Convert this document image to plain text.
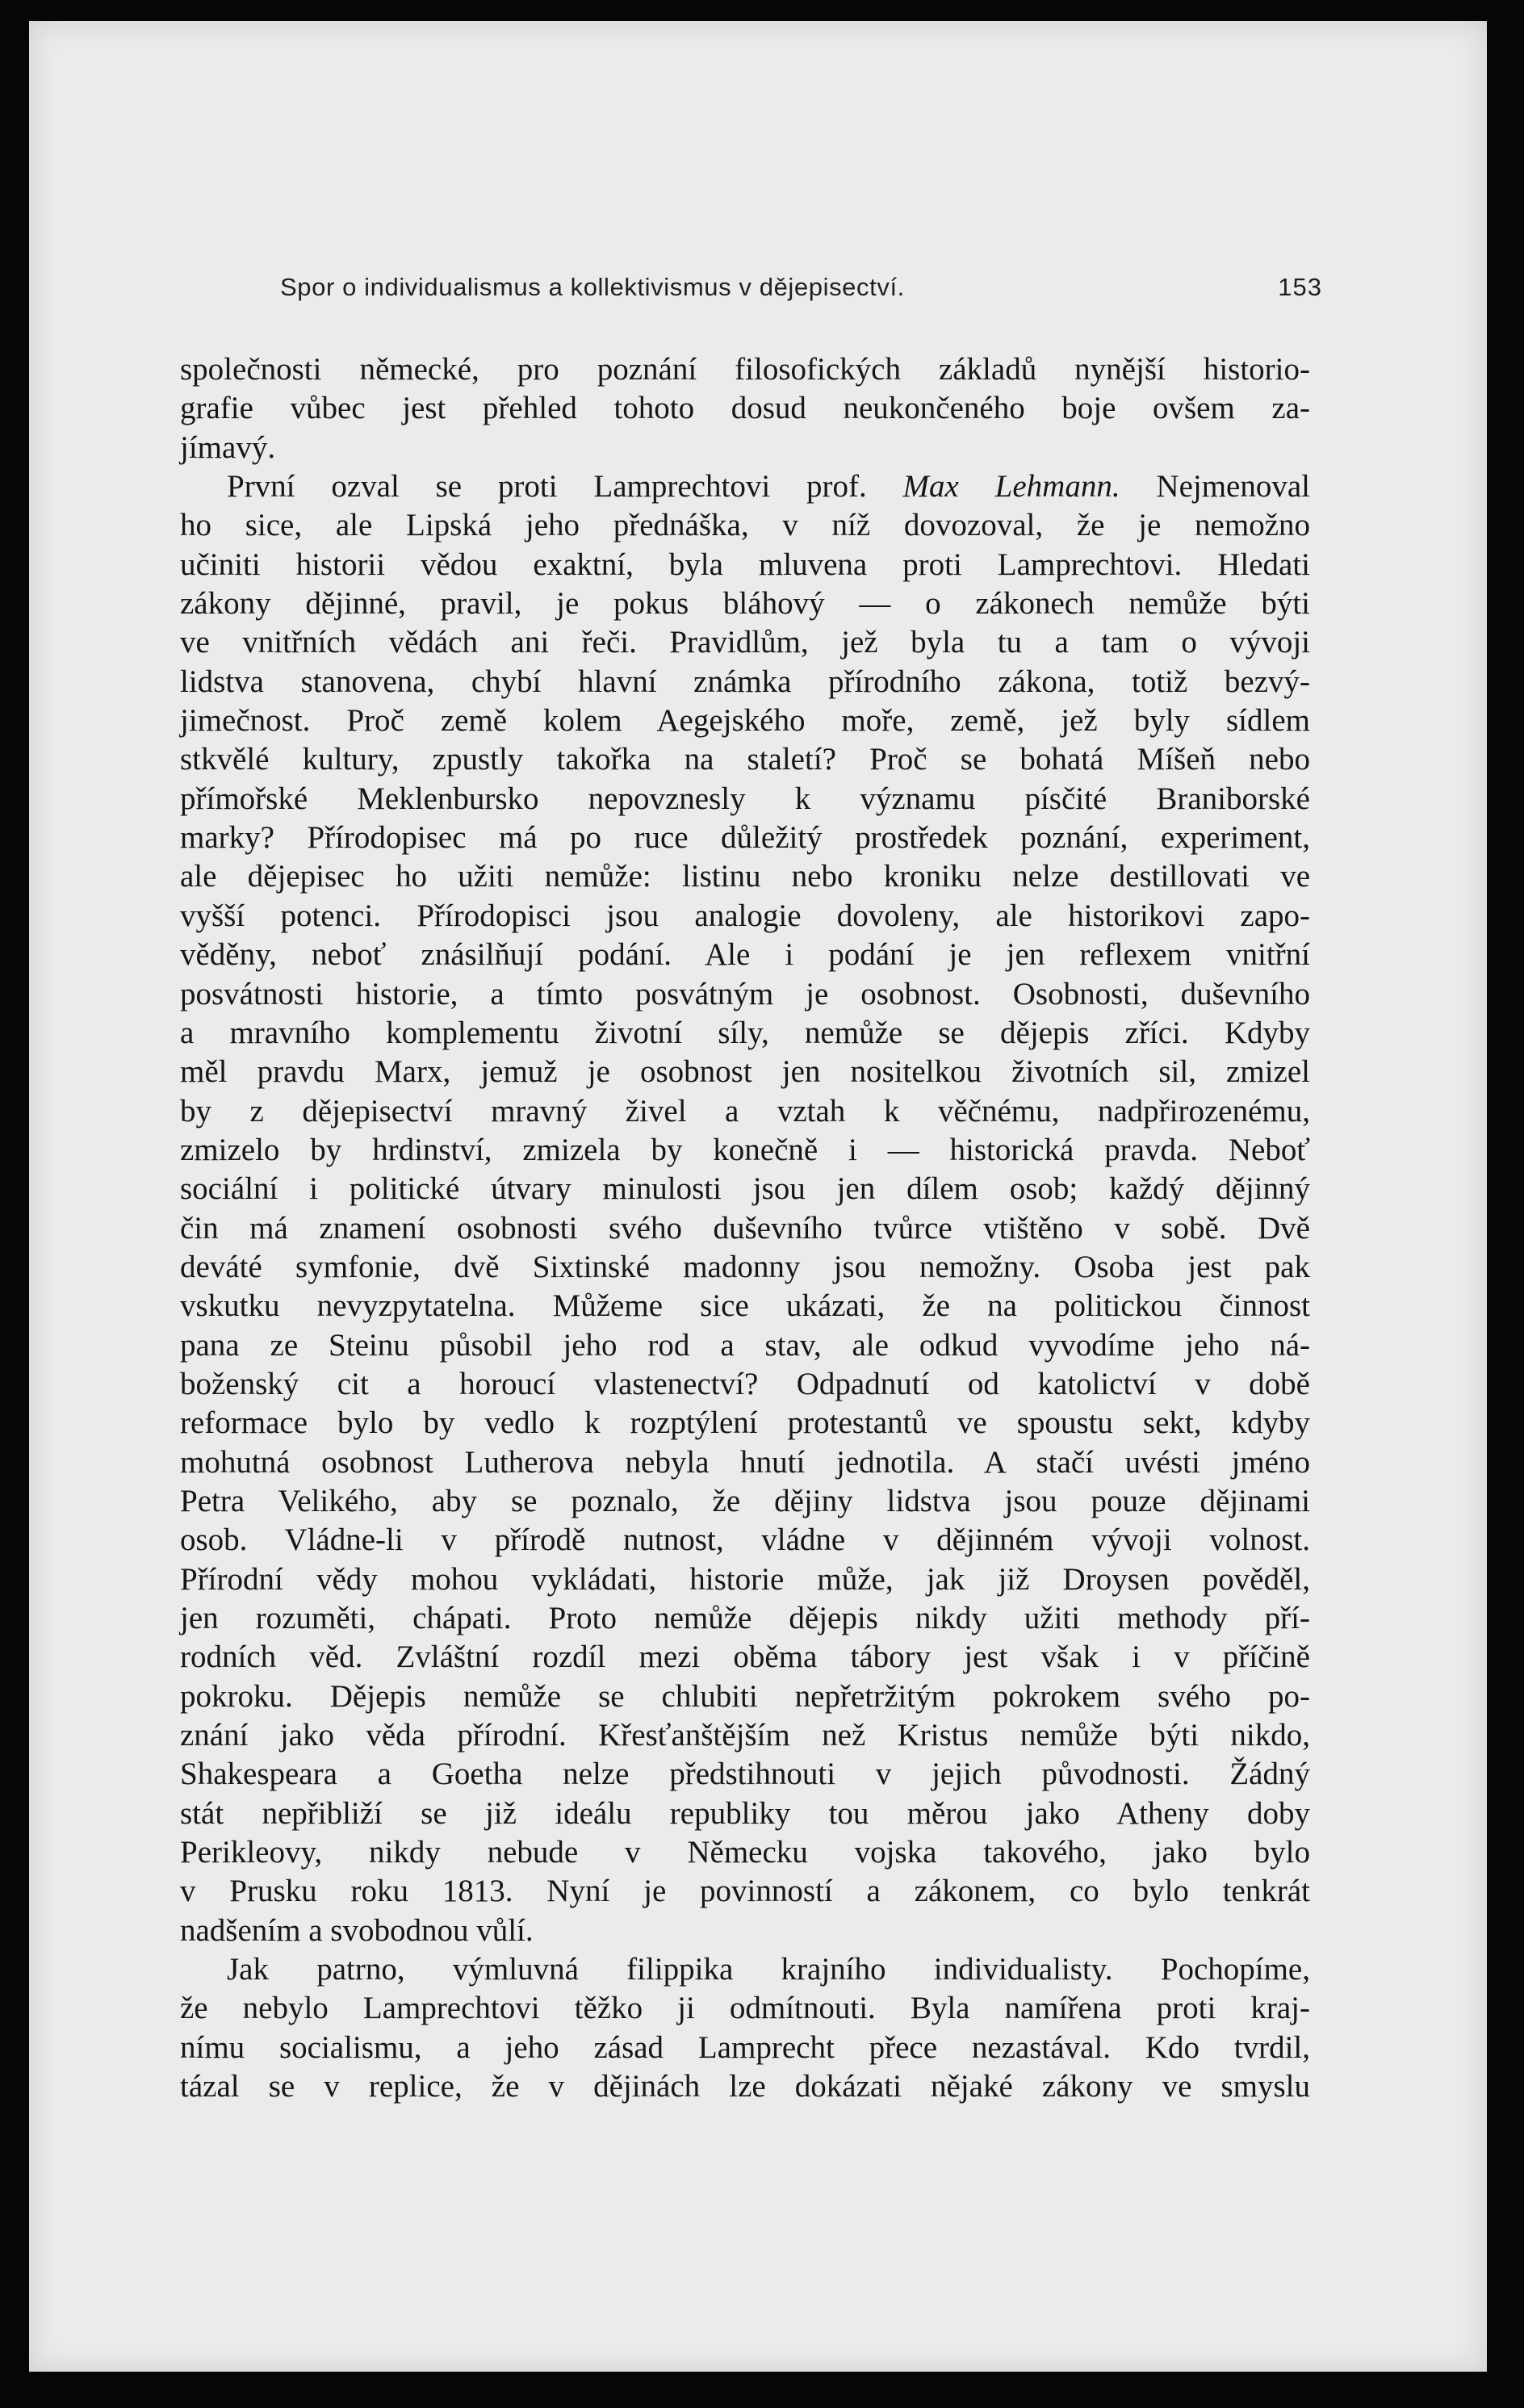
Spor o individualismus a kollektivismus v dějepisectví.	153

společnosti německé, pro poznání filosofických základů nynější historio-

grafie vůbec jest přehled tohoto dosud neukončeného boje ovšem za-

jímavý.

První ozval se proti Lamprechtovi prof. Max Lehmann. Nejmenoval

ho sice, ale Lipská jeho přednáška, v níž dovozoval, že je nemožno

učiniti historii vědou exaktní, byla mluvena proti Lamprechtovi. Hledati

zákony dějinné, pravil, je pokus bláhový — o zákonech nemůže býti

ve vnitřních vědách ani řeči. Pravidlům, jež byla tu a tam o vývoji

lidstva stanovena, chybí hlavní známka přírodního zákona, totiž bezvý-

jimečnost. Proč země kolem Aegejského moře, země, jež byly sídlem

stkvělé kultury, zpustly takořka na staletí? Proč se bohatá Míšeň nebo

přímořské Meklenbursko nepovznesly k významu písčité Braniborské

marky? Přírodopisec má po ruce důležitý prostředek poznání, experiment,

ale dějepisec ho užiti nemůže: listinu nebo kroniku nelze destillovati ve

vyšší potenci. Přírodopisci jsou analogie dovoleny, ale historikovi zapo-

věděny, neboť znásilňují podání. Ale i podání je jen reflexem vnitřní

posvátnosti historie, a tímto posvátným je osobnost. Osobnosti, duševního

a mravního komplementu životní síly, nemůže se dějepis zříci. Kdyby

měl pravdu Marx, jemuž je osobnost jen nositelkou životních sil, zmizel

by z dějepisectví mravný živel a vztah k věčnému, nadpřirozenému,

zmizelo by hrdinství, zmizela by konečně i — historická pravda. Neboť

sociální i politické útvary minulosti jsou jen dílem osob; každý dějinný

čin má znamení osobnosti svého duševního tvůrce vtištěno v sobě. Dvě

deváté symfonie, dvě Sixtinské madonny jsou nemožny. Osoba jest pak

vskutku nevyzpytatelna. Můžeme sice ukázati, že na politickou činnost

pana ze Steinu působil jeho rod a stav, ale odkud vyvodíme jeho ná-

boženský cit a horoucí vlastenectví? Odpadnutí od katolictví v době

reformace bylo by vedlo k rozptýlení protestantů ve spoustu sekt, kdyby

mohutná osobnost Lutherova nebyla hnutí jednotila. A stačí uvésti jméno

Petra Velikého, aby se poznalo, že dějiny lidstva jsou pouze dějinami

osob. Vládne-li v přírodě nutnost, vládne v dějinném vývoji volnost.

Přírodní vědy mohou vykládati, historie může, jak již Droysen pověděl,

jen rozuměti, chápati. Proto nemůže dějepis nikdy užiti methody pří-

rodních věd. Zvláštní rozdíl mezi oběma tábory jest však i v příčině

pokroku. Dějepis nemůže se chlubiti nepřetržitým pokrokem svého po-

znání jako věda přírodní. Křesťanštějším než Kristus nemůže býti nikdo,

Shakespeara a Goetha nelze předstihnouti v jejich původnosti. Žádný

stát nepřibliží se již ideálu republiky tou měrou jako Atheny doby

Perikleovy, nikdy nebude v Německu vojska takového, jako bylo

v Prusku roku 1813. Nyní je povinností a zákonem, co bylo tenkrát

nadšením a svobodnou vůlí.

Jak patrno, výmluvná filippika krajního individualisty. Pochopíme,

že nebylo Lamprechtovi těžko ji odmítnouti. Byla namířena proti kraj-

nímu socialismu, a jeho zásad Lamprecht přece nezastával. Kdo tvrdil,

tázal se v replice, že v dějinách lze dokázati nějaké zákony ve smyslu
